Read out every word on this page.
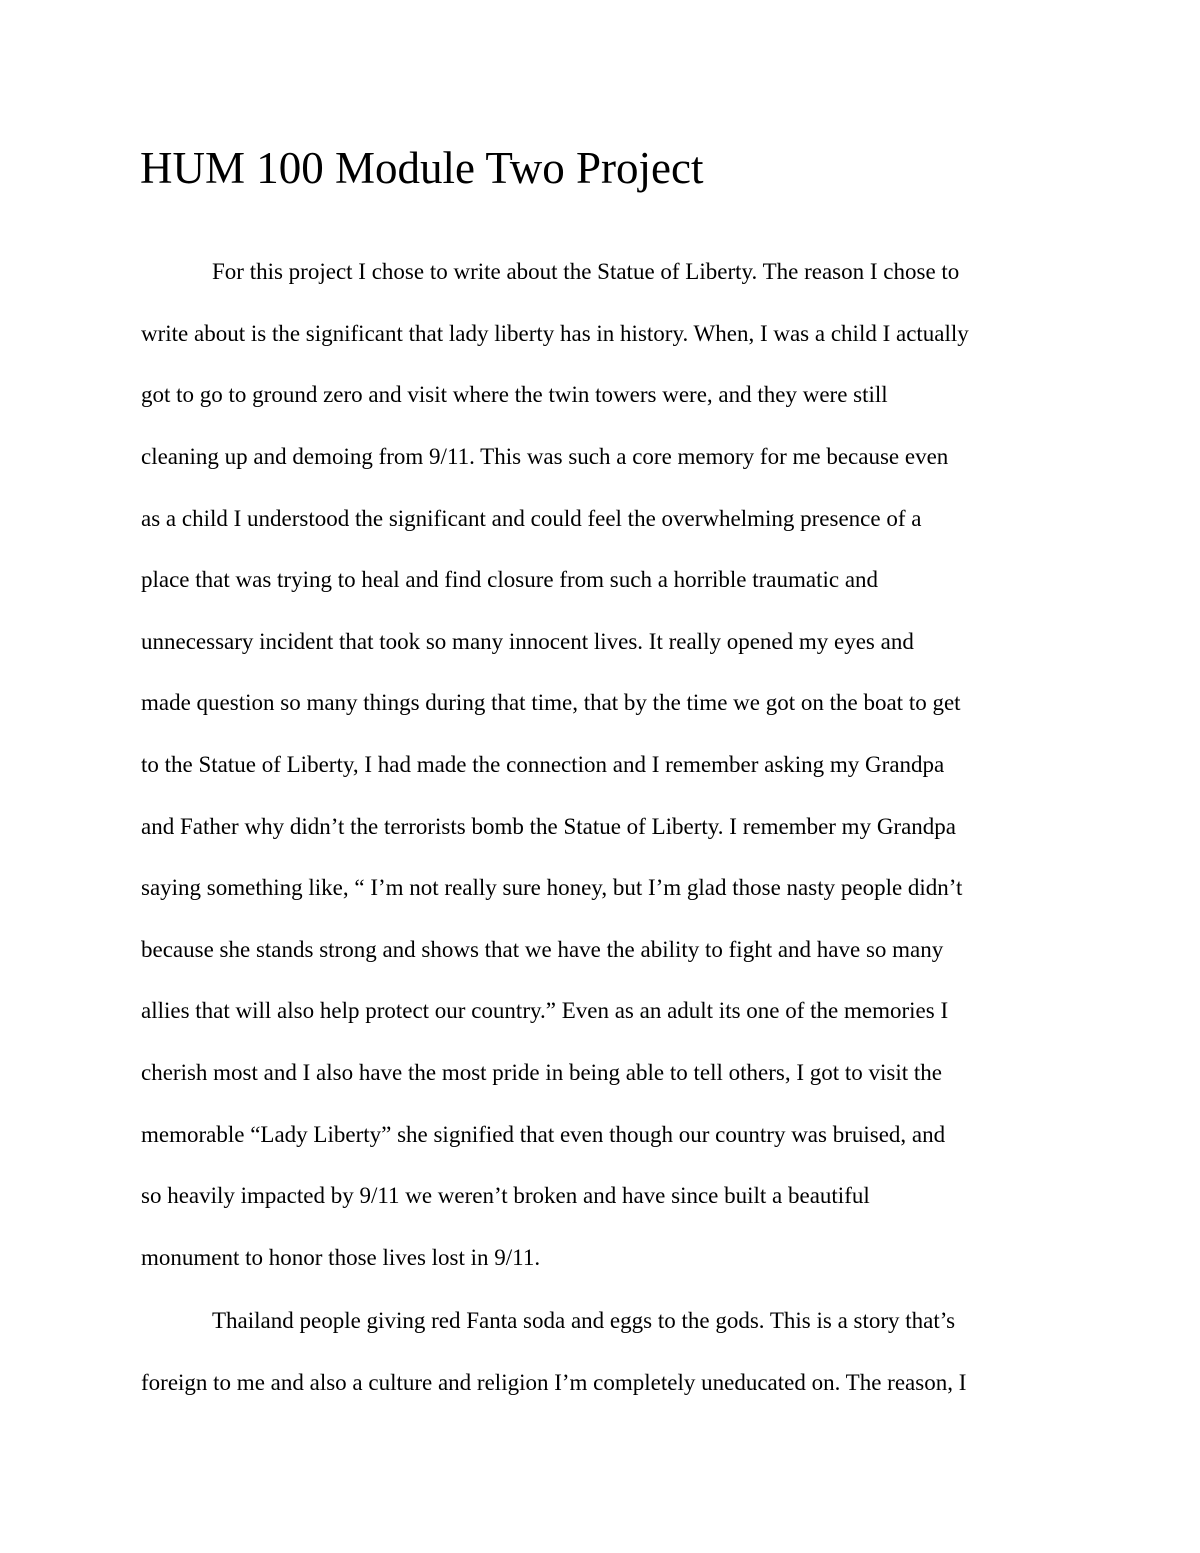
HUM 100 Module Two Project

For this project I chose to write about the Statue of Liberty. The reason I chose to

write about is the significant that lady liberty has in history. When, I was a child I actually

got to go to ground zero and visit where the twin towers were, and they were still

cleaning up and demoing from 9/11. This was such a core memory for me because even

as a child I understood the significant and could feel the overwhelming presence of a

place that was trying to heal and find closure from such a horrible traumatic and

unnecessary incident that took so many innocent lives. It really opened my eyes and

made question so many things during that time, that by the time we got on the boat to get

to the Statue of Liberty, I had made the connection and I remember asking my Grandpa

and Father why didn’t the terrorists bomb the Statue of Liberty. I remember my Grandpa

saying something like, “ I’m not really sure honey, but I’m glad those nasty people didn’t

because she stands strong and shows that we have the ability to fight and have so many

allies that will also help protect our country.” Even as an adult its one of the memories I

cherish most and I also have the most pride in being able to tell others, I got to visit the

memorable “Lady Liberty” she signified that even though our country was bruised, and

so heavily impacted by 9/11 we weren’t broken and have since built a beautiful

monument to honor those lives lost in 9/11.

Thailand people giving red Fanta soda and eggs to the gods. This is a story that’s

foreign to me and also a culture and religion I’m completely uneducated on. The reason, I
